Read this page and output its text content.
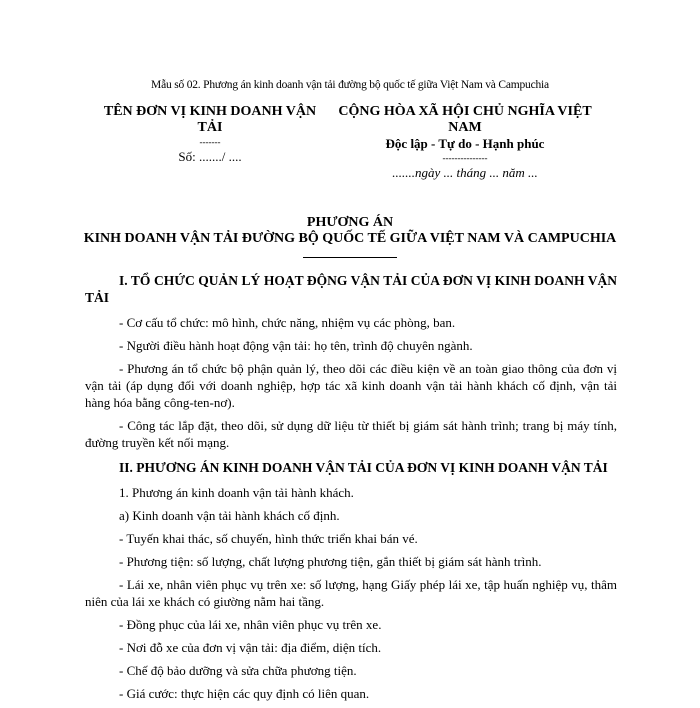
Mẫu số 02. Phương án kinh doanh vận tải đường bộ quốc tế giữa Việt Nam và Campuchia
TÊN ĐƠN VỊ KINH DOANH VẬN TẢI
-------
Số: ......./ ....
CỘNG HÒA XÃ HỘI CHỦ NGHĨA VIỆT NAM
Độc lập - Tự do - Hạnh phúc
---------------
.......ngày ... tháng ... năm ...
PHƯƠNG ÁN
KINH DOANH VẬN TẢI ĐƯỜNG BỘ QUỐC TẾ GIỮA VIỆT NAM VÀ CAMPUCHIA
I. TỔ CHỨC QUẢN LÝ HOẠT ĐỘNG VẬN TẢI CỦA ĐƠN VỊ KINH DOANH VẬN TẢI

- Cơ cấu tổ chức: mô hình, chức năng, nhiệm vụ các phòng, ban.

- Người điều hành hoạt động vận tải: họ tên, trình độ chuyên ngành.

- Phương án tổ chức bộ phận quản lý, theo dõi các điều kiện về an toàn giao thông của đơn vị vận tải (áp dụng đối với doanh nghiệp, hợp tác xã kinh doanh vận tải hành khách cố định, vận tải hàng hóa bằng công-ten-nơ).

- Công tác lắp đặt, theo dõi, sử dụng dữ liệu từ thiết bị giám sát hành trình; trang bị máy tính, đường truyền kết nối mạng.

II. PHƯƠNG ÁN KINH DOANH VẬN TẢI CỦA ĐƠN VỊ KINH DOANH VẬN TẢI

1. Phương án kinh doanh vận tải hành khách.

a) Kinh doanh vận tải hành khách cố định.

- Tuyến khai thác, số chuyến, hình thức triển khai bán vé.

- Phương tiện: số lượng, chất lượng phương tiện, gắn thiết bị giám sát hành trình.

- Lái xe, nhân viên phục vụ trên xe: số lượng, hạng Giấy phép lái xe, tập huấn nghiệp vụ, thâm niên của lái xe khách có giường nằm hai tầng.

- Đồng phục của lái xe, nhân viên phục vụ trên xe.

- Nơi đỗ xe của đơn vị vận tải: địa điểm, diện tích.

- Chế độ bảo dưỡng và sửa chữa phương tiện.

- Giá cước: thực hiện các quy định có liên quan.
